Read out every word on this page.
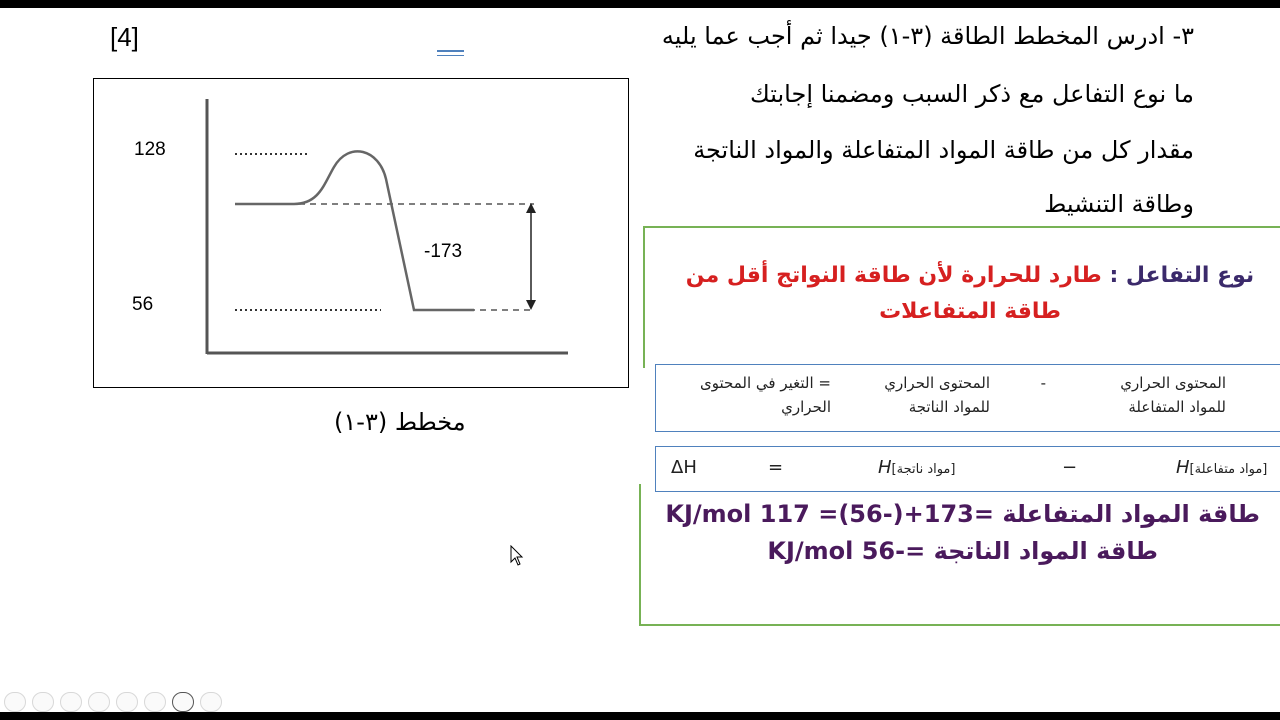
[4]	٣- ادرس المخطط الطاقة (٣-١) جيدا ثم أجب عما يليه
ما نوع التفاعل مع ذكر السبب ومضمنا إجابتك
مقدار كل من طاقة المواد المتفاعلة والمواد الناتجة
وطاقة التنشيط
128
56
-173
مخطط (٣-١)
نوع التفاعل : طارد للحرارة لأن طاقة النواتج أقل من طاقة المتفاعلات
المحتوى الحراري
للمواد المتفاعلة
-
المحتوى الحراري
للمواد الناتجة
= التغير في المحتوى
الحراري
ΔH	=	H[مواد ناتجة]	−	H[مواد متفاعلة]
طاقة المواد المتفاعلة =173+(-56)= 117 KJ/mol
طاقة المواد الناتجة =-56 KJ/mol
